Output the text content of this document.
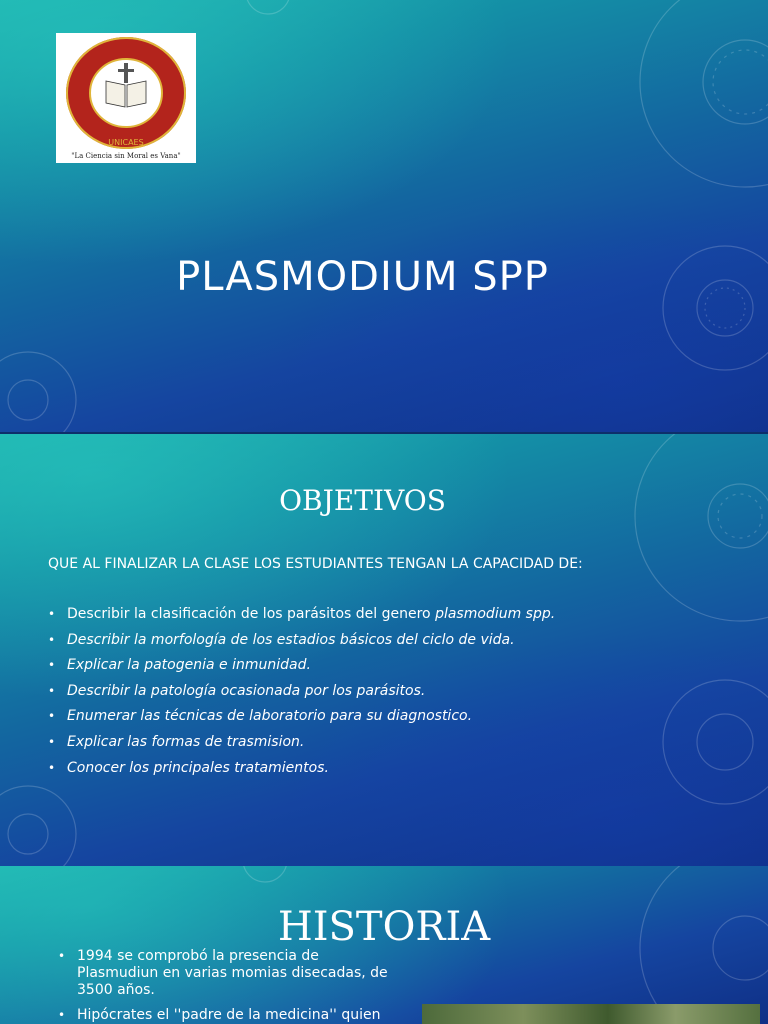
UNICAES
"La Ciencia sin Moral es Vana"
PLASMODIUM SPP
OBJETIVOS
QUE AL FINALIZAR LA CLASE LOS ESTUDIANTES TENGAN LA CAPACIDAD DE:
• Describir la clasificación de los parásitos del genero plasmodium spp.
• Describir la morfología de los estadios básicos del ciclo de vida.
• Explicar la patogenia e inmunidad.
• Describir la patología ocasionada por los parásitos.
• Enumerar las técnicas de laboratorio para su diagnostico.
• Explicar las formas de trasmision.
• Conocer los principales tratamientos.
HISTORIA
• 1994 se comprobó la presencia de Plasmudiun en varias momias disecadas, de 3500 años.
• Hipócrates el ''padre de la medicina'' quien
